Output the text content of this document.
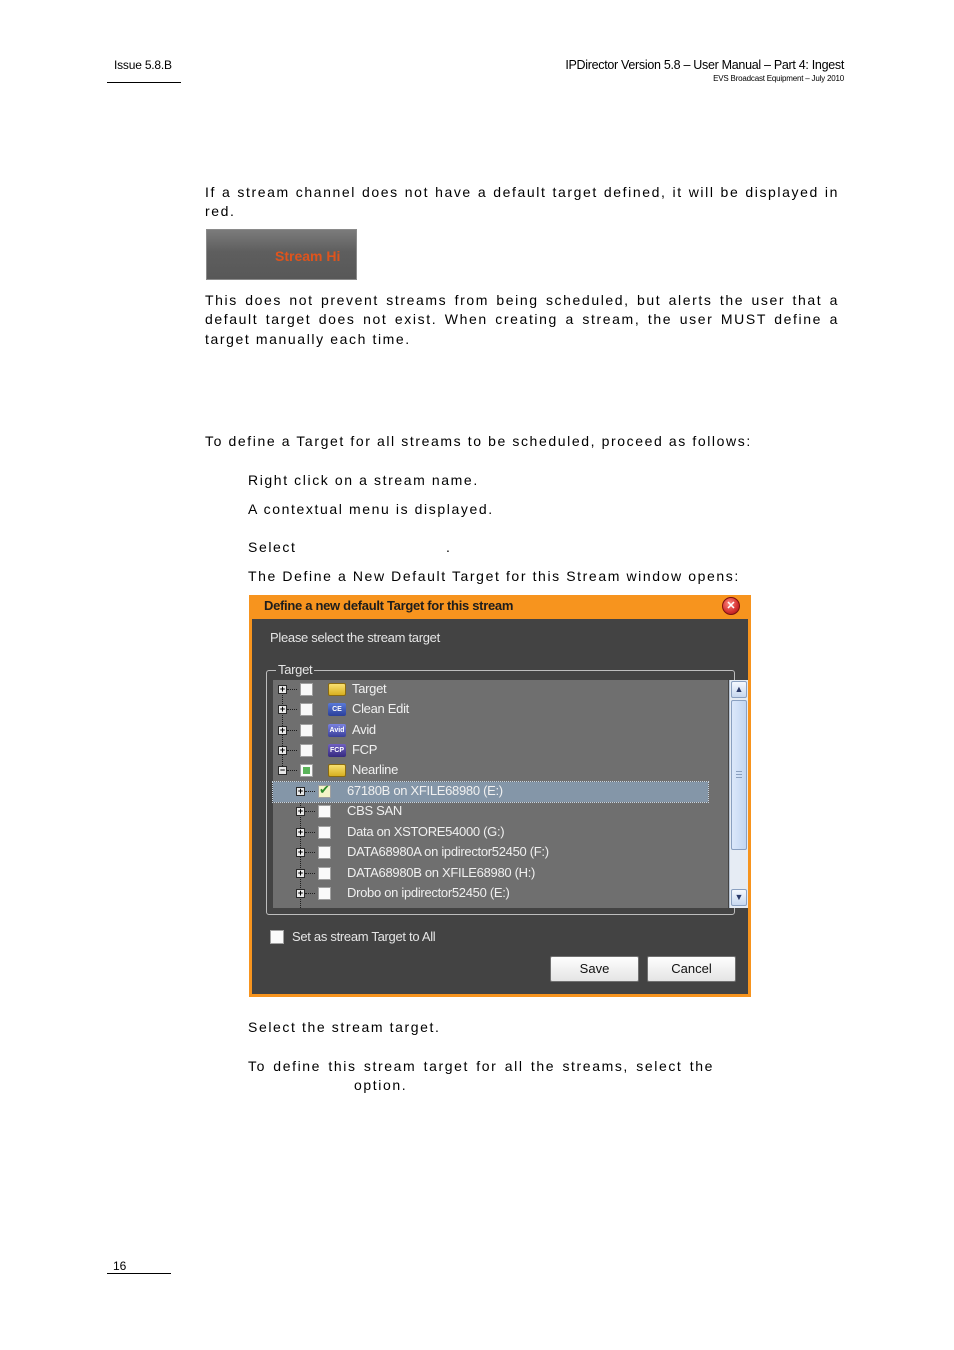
Issue 5.8.B	IPDirector Version 5.8 – User Manual – Part 4: Ingest
EVS Broadcast Equipment – July 2010
If a stream channel does not have a default target defined, it will be displayed in
red.
Stream Hi
This does not prevent streams from being scheduled, but alerts the user that a
default target does not exist. When creating a stream, the user MUST define a
target manually each time.
To define a Target for all streams to be scheduled, proceed as follows:
Right click on a stream name.
A contextual menu is displayed.
Select	.
The Define a New Default Target for this Stream window opens:
Define a new default Target for this stream	✕
Please select the stream target
Target
+	Target
+	CE Clean Edit
+	Avid Avid
+	FCP FCP
−	Nearline
+
✔	67180B on XFILE68980 (E:)
+	CBS SAN
+	Data on XSTORE54000 (G:)
+	DATA68980A on ipdirector52450 (F:)
+	DATA68980B on XFILE68980 (H:)
+	Drobo on ipdirector52450 (E:)
▲
▼
Set as stream Target to All
Save	Cancel
Select the stream target.
To define this stream target for all the streams, select the
option.
16
